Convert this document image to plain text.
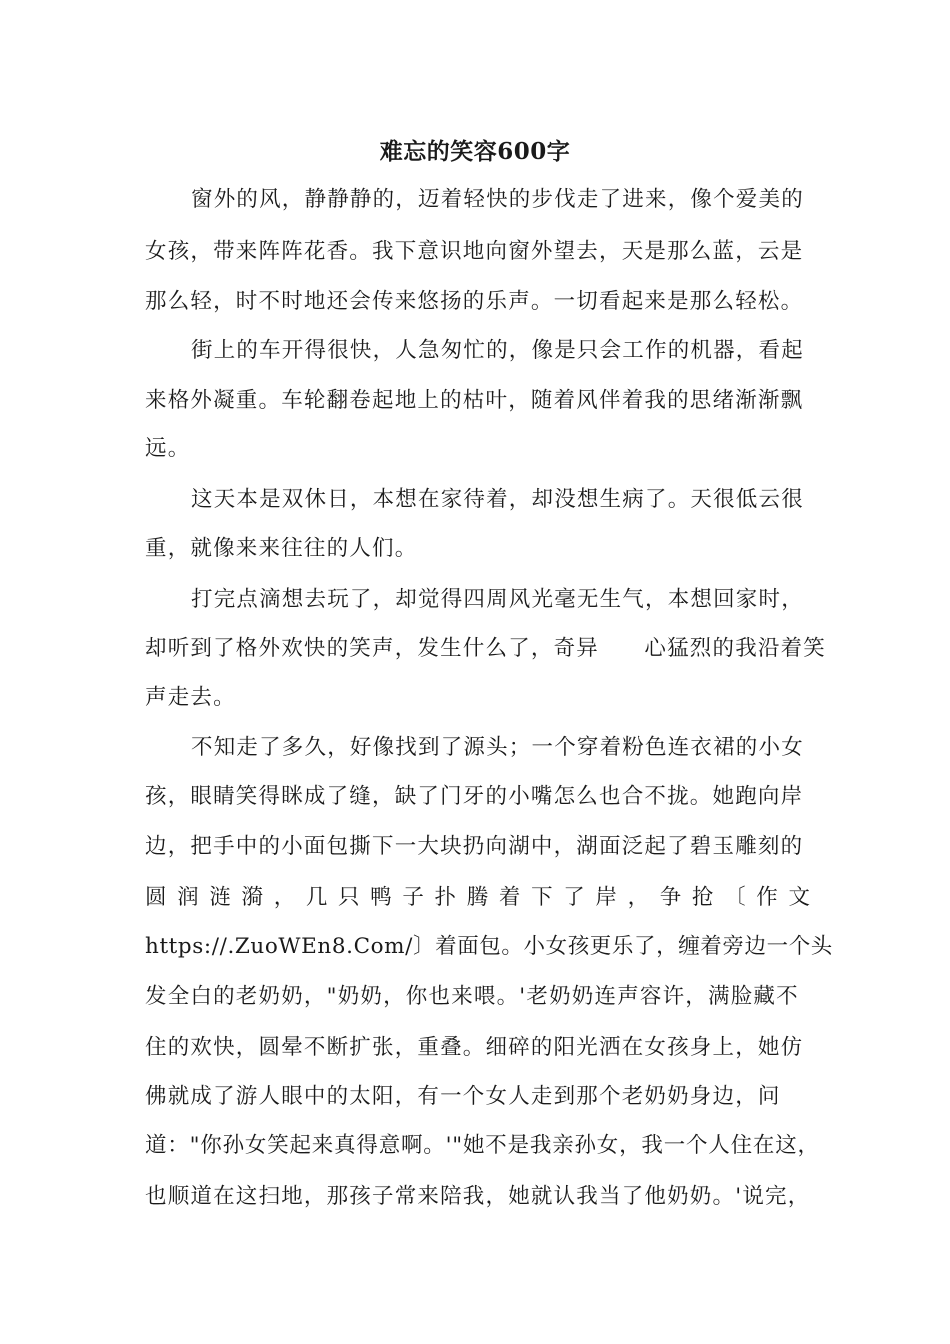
难忘的笑容600字
窗外的风，静静静的，迈着轻快的步伐走了进来，像个爱美的
女孩，带来阵阵花香。我下意识地向窗外望去，天是那么蓝，云是
那么轻，时不时地还会传来悠扬的乐声。一切看起来是那么轻松。
街上的车开得很快，人急匆忙的，像是只会工作的机器，看起
来格外凝重。车轮翻卷起地上的枯叶，随着风伴着我的思绪渐渐飘
远。
这天本是双休日，本想在家待着，却没想生病了。天很低云很
重，就像来来往往的人们。
打完点滴想去玩了，却觉得四周风光毫无生气，本想回家时，
却听到了格外欢快的笑声，发生什么了，奇异　　心猛烈的我沿着笑
声走去。
不知走了多久，好像找到了源头；一个穿着粉色连衣裙的小女
孩，眼睛笑得眯成了缝，缺了门牙的小嘴怎么也合不拢。她跑向岸
边，把手中的小面包撕下一大块扔向湖中，湖面泛起了碧玉雕刻的
圆 润 涟 漪 ， 几 只 鸭 子 扑 腾 着 下 了 岸 ， 争 抢 〔 作 文
https://.ZuoWEn8.Com/〕着面包。小女孩更乐了，缠着旁边一个头
发全白的老奶奶，"奶奶，你也来喂。'老奶奶连声容许，满脸藏不
住的欢快，圆晕不断扩张，重叠。细碎的阳光洒在女孩身上，她仿
佛就成了游人眼中的太阳，有一个女人走到那个老奶奶身边，问
道："你孙女笑起来真得意啊。'"她不是我亲孙女，我一个人住在这，
也顺道在这扫地，那孩子常来陪我，她就认我当了他奶奶。'说完，
